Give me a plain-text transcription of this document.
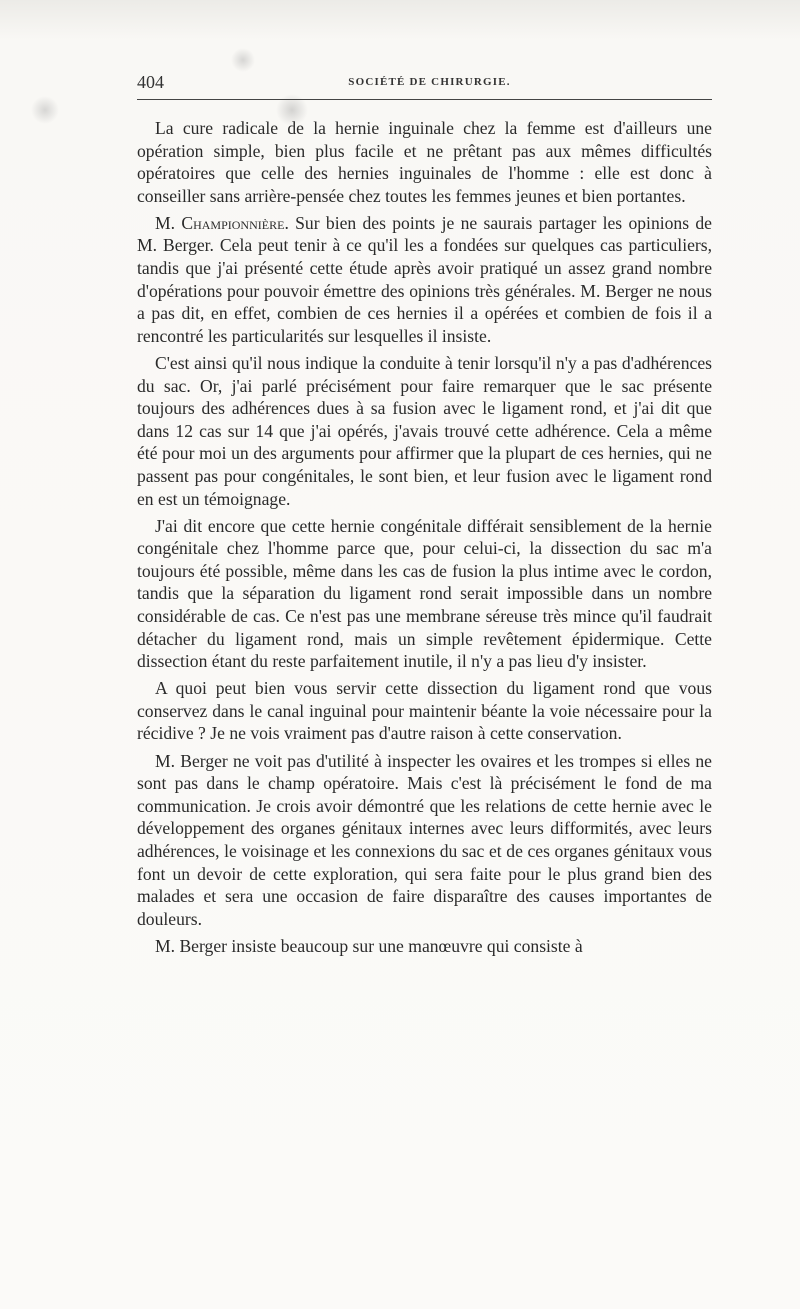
404	SOCIÉTÉ DE CHIRURGIE.

La cure radicale de la hernie inguinale chez la femme est d'ailleurs une opération simple, bien plus facile et ne prêtant pas aux mêmes difficultés opératoires que celle des hernies inguinales de l'homme : elle est donc à conseiller sans arrière-pensée chez toutes les femmes jeunes et bien portantes.

M. Championnière. Sur bien des points je ne saurais partager les opinions de M. Berger. Cela peut tenir à ce qu'il les a fondées sur quelques cas particuliers, tandis que j'ai présenté cette étude après avoir pratiqué un assez grand nombre d'opérations pour pouvoir émettre des opinions très générales. M. Berger ne nous a pas dit, en effet, combien de ces hernies il a opérées et combien de fois il a rencontré les particularités sur lesquelles il insiste.

C'est ainsi qu'il nous indique la conduite à tenir lorsqu'il n'y a pas d'adhérences du sac. Or, j'ai parlé précisément pour faire remarquer que le sac présente toujours des adhérences dues à sa fusion avec le ligament rond, et j'ai dit que dans 12 cas sur 14 que j'ai opérés, j'avais trouvé cette adhérence. Cela a même été pour moi un des arguments pour affirmer que la plupart de ces hernies, qui ne passent pas pour congénitales, le sont bien, et leur fusion avec le ligament rond en est un témoignage.

J'ai dit encore que cette hernie congénitale différait sensiblement de la hernie congénitale chez l'homme parce que, pour celui-ci, la dissection du sac m'a toujours été possible, même dans les cas de fusion la plus intime avec le cordon, tandis que la séparation du ligament rond serait impossible dans un nombre considérable de cas. Ce n'est pas une membrane séreuse très mince qu'il faudrait détacher du ligament rond, mais un simple revêtement épidermique. Cette dissection étant du reste parfaitement inutile, il n'y a pas lieu d'y insister.

A quoi peut bien vous servir cette dissection du ligament rond que vous conservez dans le canal inguinal pour maintenir béante la voie nécessaire pour la récidive ? Je ne vois vraiment pas d'autre raison à cette conservation.

M. Berger ne voit pas d'utilité à inspecter les ovaires et les trompes si elles ne sont pas dans le champ opératoire. Mais c'est là précisément le fond de ma communication. Je crois avoir démontré que les relations de cette hernie avec le développement des organes génitaux internes avec leurs difformités, avec leurs adhérences, le voisinage et les connexions du sac et de ces organes génitaux vous font un devoir de cette exploration, qui sera faite pour le plus grand bien des malades et sera une occasion de faire disparaître des causes importantes de douleurs.

M. Berger insiste beaucoup sur une manœuvre qui consiste à
